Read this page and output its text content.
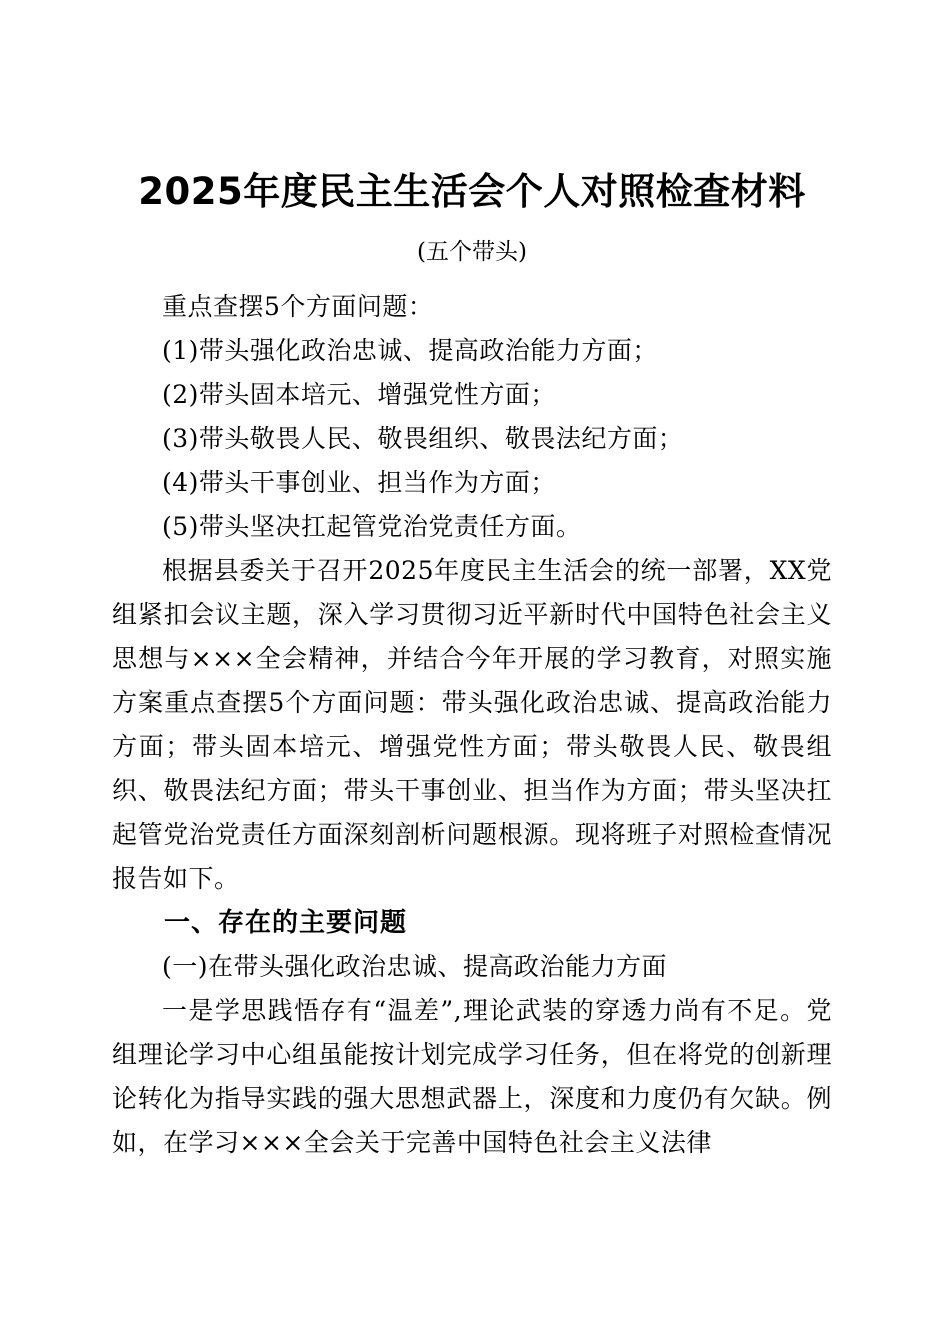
2025年度民主生活会个人对照检查材料
(五个带头)

重点查摆5个方面问题：

(1)带头强化政治忠诚、提高政治能力方面；

(2)带头固本培元、增强党性方面；

(3)带头敬畏人民、敬畏组织、敬畏法纪方面；

(4)带头干事创业、担当作为方面；

(5)带头坚决扛起管党治党责任方面。

根据县委关于召开2025年度民主生活会的统一部署，XX党组紧扣会议主题，深入学习贯彻习近平新时代中国特色社会主义思想与×××全会精神，并结合今年开展的学习教育，对照实施方案重点查摆5个方面问题：带头强化政治忠诚、提高政治能力方面；带头固本培元、增强党性方面；带头敬畏人民、敬畏组织、敬畏法纪方面；带头干事创业、担当作为方面；带头坚决扛起管党治党责任方面深刻剖析问题根源。现将班子对照检查情况报告如下。

一、存在的主要问题

(一)在带头强化政治忠诚、提高政治能力方面

一是学思践悟存有“温差”,理论武装的穿透力尚有不足。党组理论学习中心组虽能按计划完成学习任务，但在将党的创新理论转化为指导实践的强大思想武器上，深度和力度仍有欠缺。例如，在学习×××全会关于完善中国特色社会主义法律
